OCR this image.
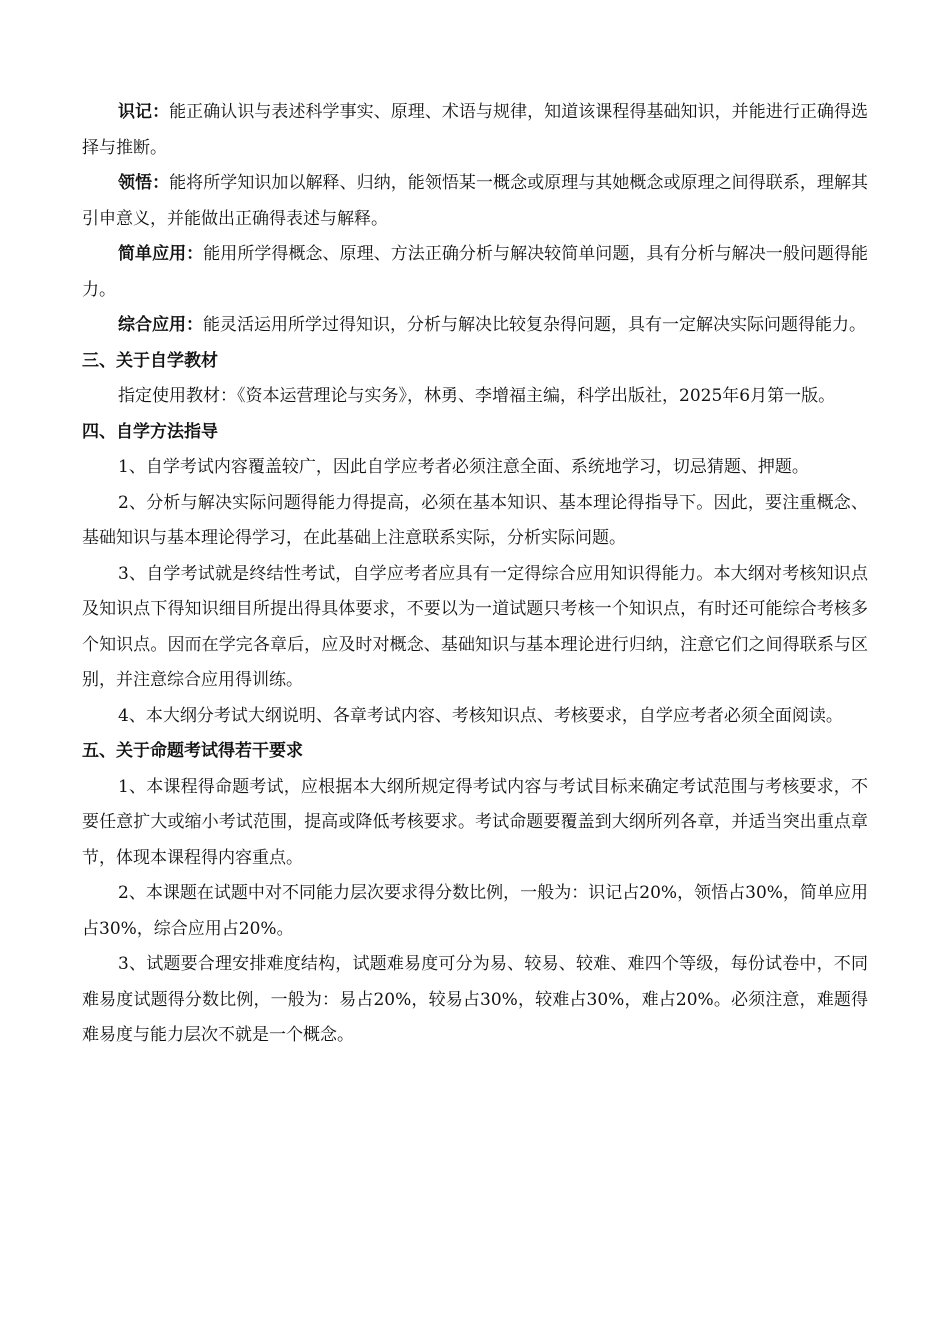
识记：能正确认识与表述科学事实、原理、术语与规律，知道该课程得基础知识，并能进行正确得选择与推断。

领悟：能将所学知识加以解释、归纳，能领悟某一概念或原理与其她概念或原理之间得联系，理解其引申意义，并能做出正确得表述与解释。

简单应用：能用所学得概念、原理、方法正确分析与解决较简单问题，具有分析与解决一般问题得能力。

综合应用：能灵活运用所学过得知识，分析与解决比较复杂得问题，具有一定解决实际问题得能力。

三、关于自学教材

指定使用教材：《资本运营理论与实务》，林勇、李增福主编，科学出版社，2025年6月第一版。

四、自学方法指导

1、自学考试内容覆盖较广，因此自学应考者必须注意全面、系统地学习，切忌猜题、押题。

2、分析与解决实际问题得能力得提高，必须在基本知识、基本理论得指导下。因此，要注重概念、基础知识与基本理论得学习，在此基础上注意联系实际，分析实际问题。

3、自学考试就是终结性考试，自学应考者应具有一定得综合应用知识得能力。本大纲对考核知识点及知识点下得知识细目所提出得具体要求，不要以为一道试题只考核一个知识点，有时还可能综合考核多个知识点。因而在学完各章后，应及时对概念、基础知识与基本理论进行归纳，注意它们之间得联系与区别，并注意综合应用得训练。

4、本大纲分考试大纲说明、各章考试内容、考核知识点、考核要求，自学应考者必须全面阅读。

五、关于命题考试得若干要求

1、本课程得命题考试，应根据本大纲所规定得考试内容与考试目标来确定考试范围与考核要求，不要任意扩大或缩小考试范围，提高或降低考核要求。考试命题要覆盖到大纲所列各章，并适当突出重点章节，体现本课程得内容重点。

2、本课题在试题中对不同能力层次要求得分数比例，一般为：识记占20%，领悟占30%，简单应用占30%，综合应用占20%。

3、试题要合理安排难度结构，试题难易度可分为易、较易、较难、难四个等级，每份试卷中，不同难易度试题得分数比例，一般为：易占20%，较易占30%，较难占30%，难占20%。必须注意，难题得难易度与能力层次不就是一个概念。
